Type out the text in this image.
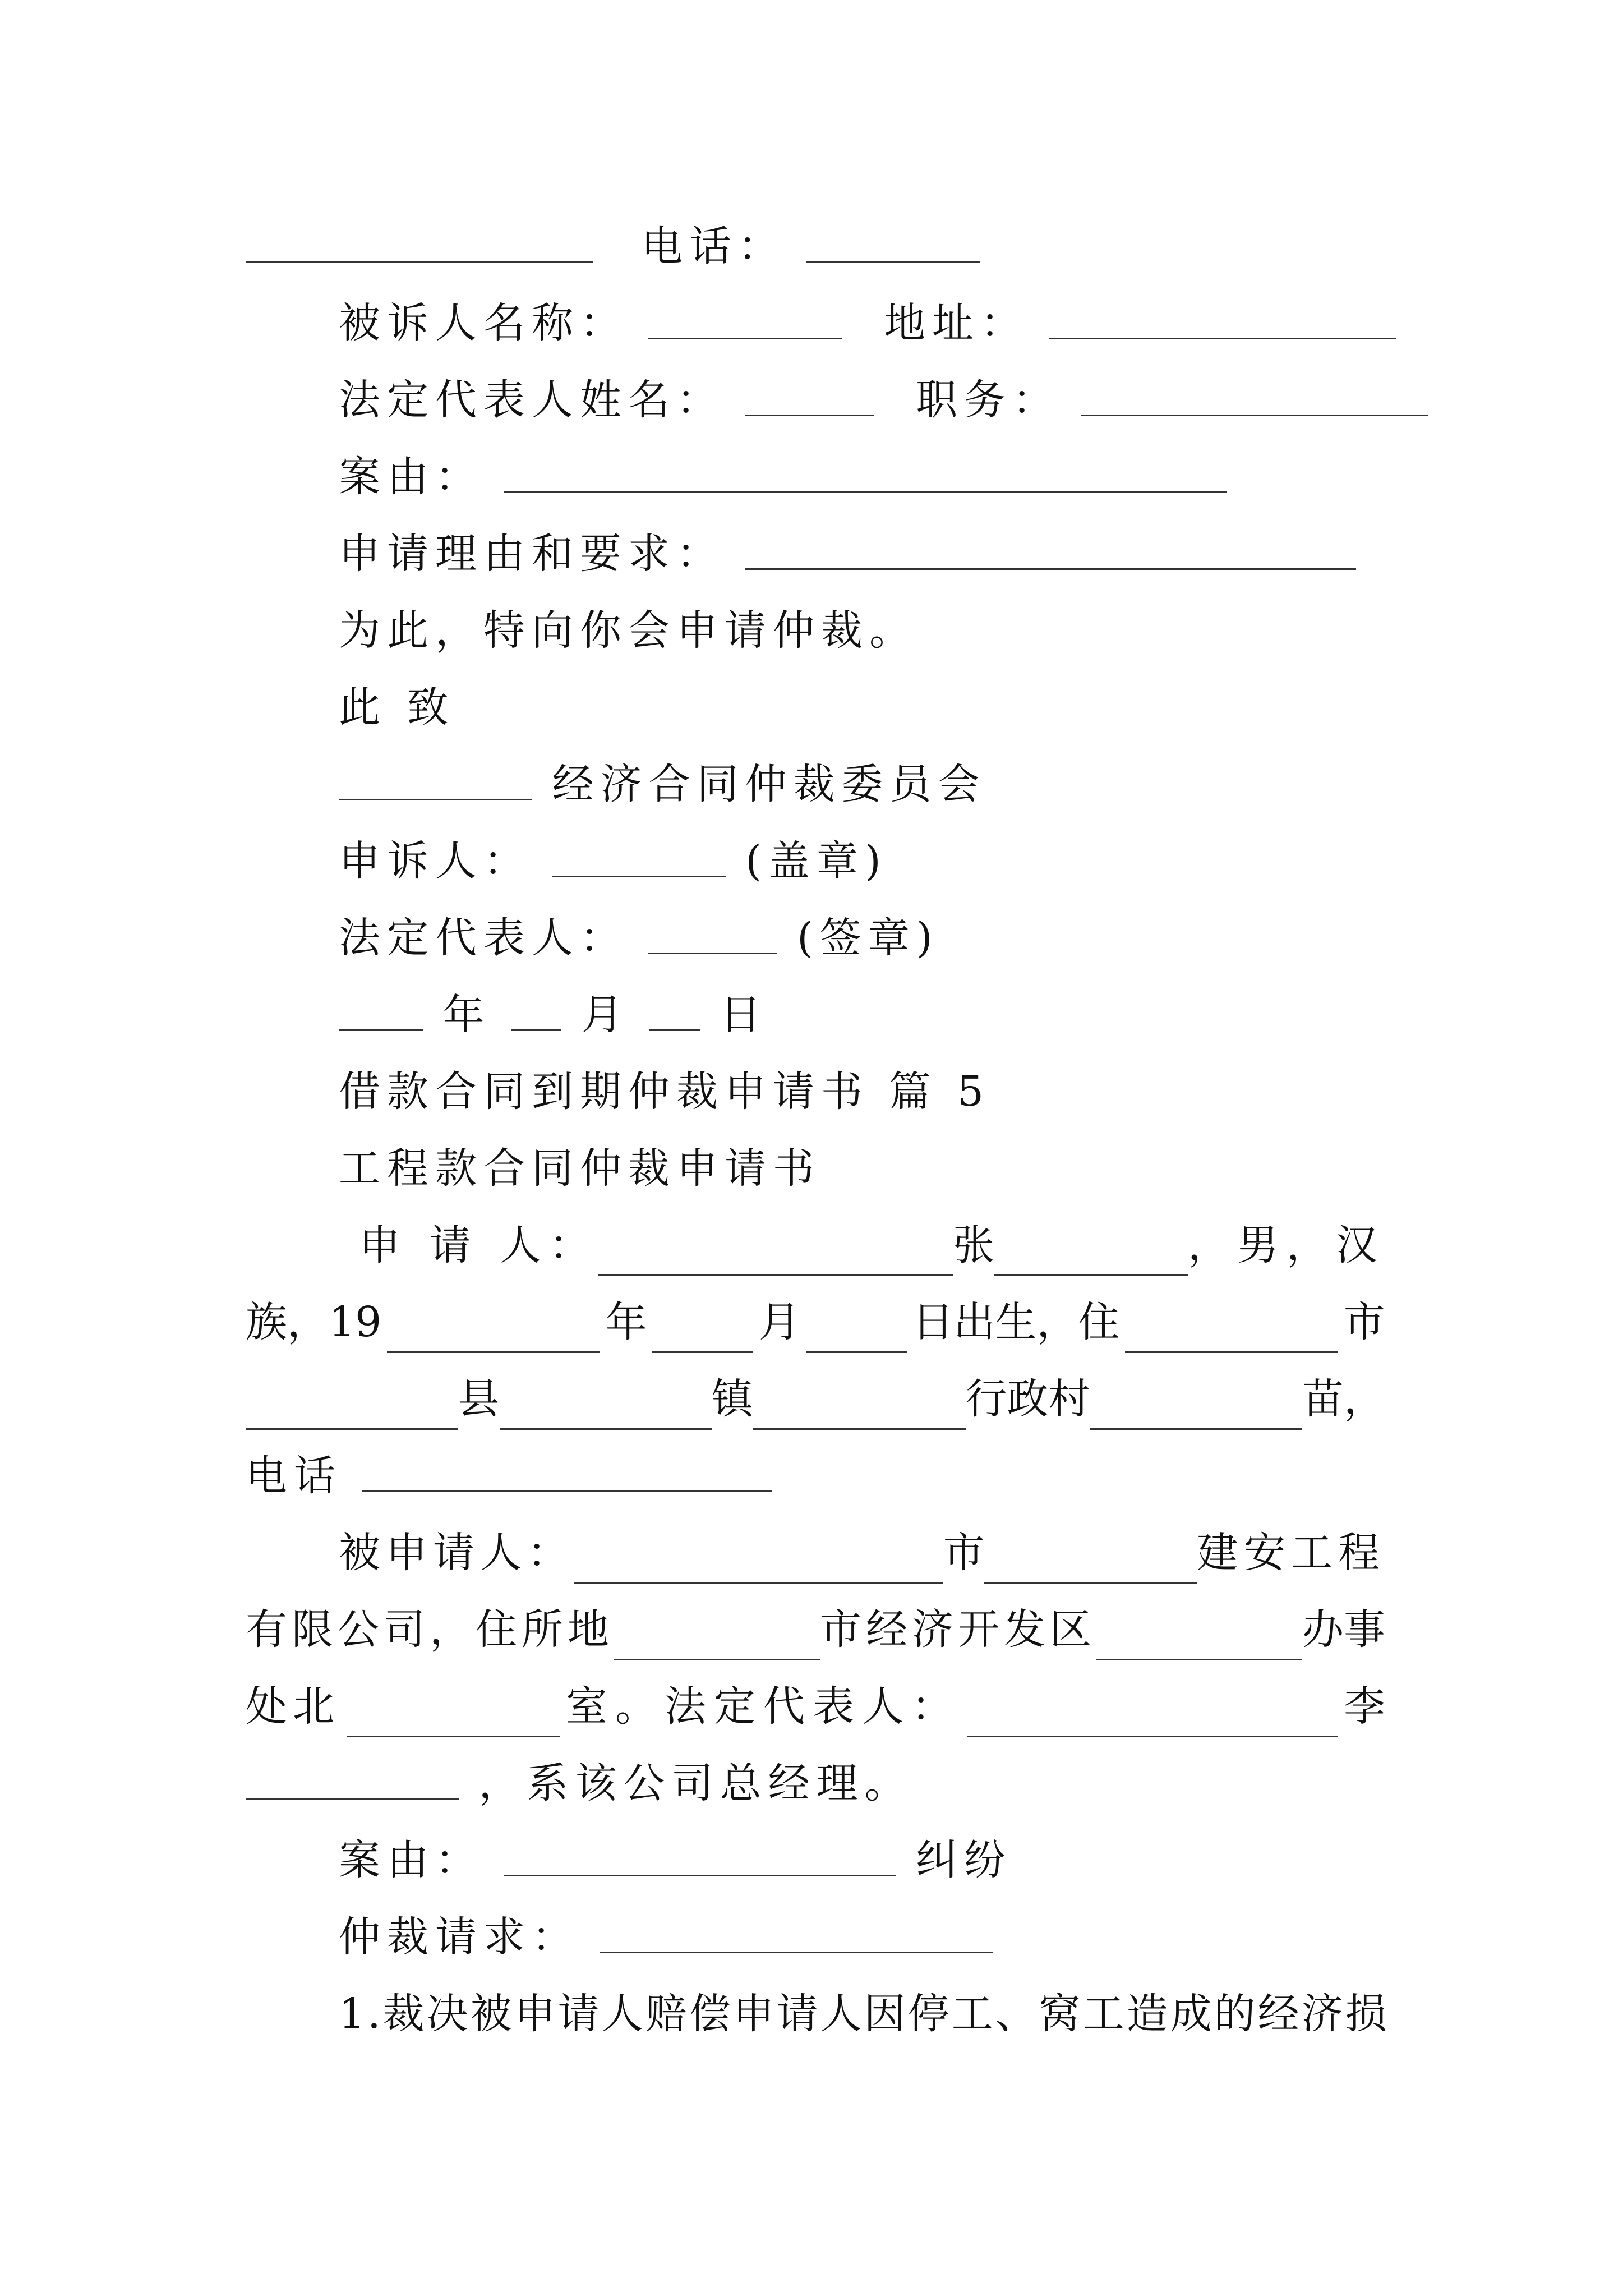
电话：
被诉人名称：	地址：
法定代表人姓名：	职务：
案由：
申请理由和要求：
为此，特向你会申请仲裁。
此 致
经济合同仲裁委员会
申诉人：	(盖章)
法定代表人：	(签章)
年 月 日
借款合同到期仲裁申请书 篇 5
工程款合同仲裁申请书
申 请 人：	张	，男，汉
族，19	年	月	日出生，住	市
县	镇	行政村	苗，
电话
被申请人：	市	建安工程
有限公司，住所地	市经济开发区	办事
处北	室。法定代表人：	李
，系该公司总经理。
案由：	纠纷
仲裁请求：
1.裁决被申请人赔偿申请人因停工、窝工造成的经济损
